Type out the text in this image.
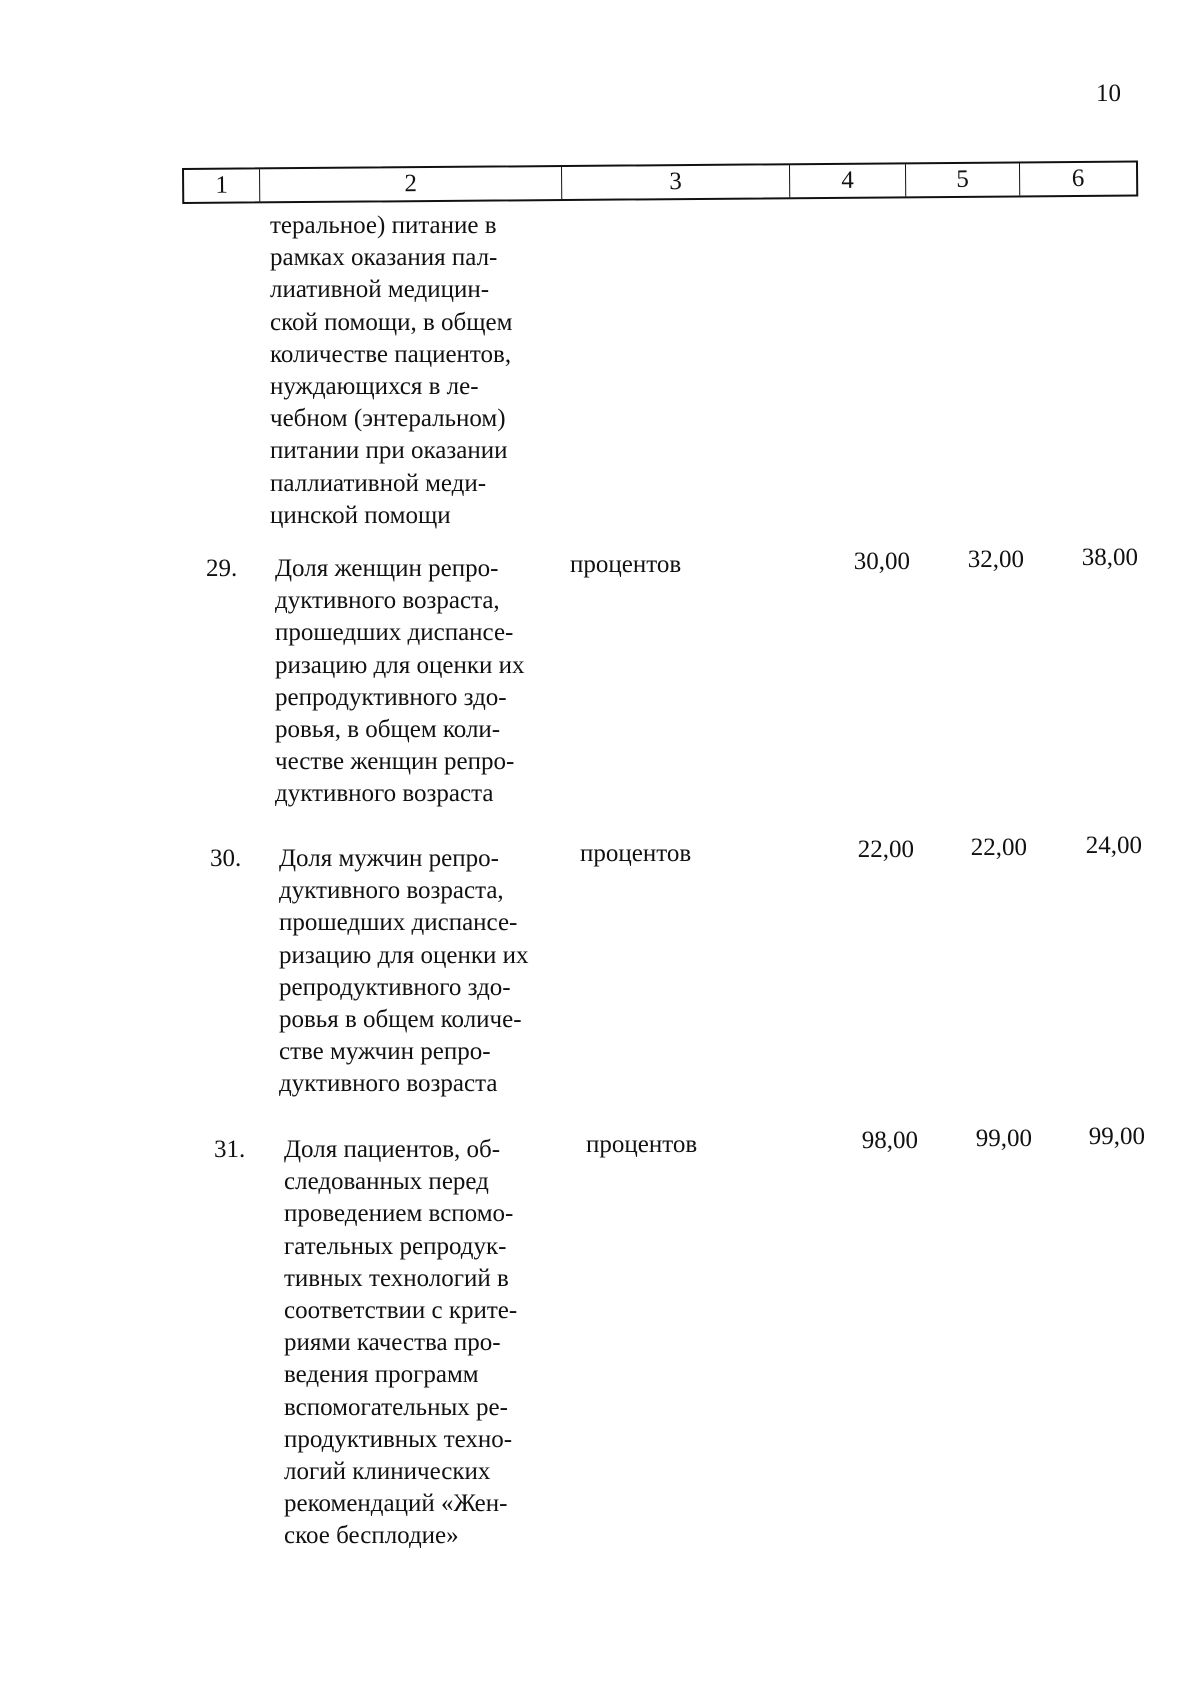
10
1	2	3	4	5	6
теральное) питание в
рамках оказания пал-
лиативной медицин-
ской помощи, в общем
количестве пациентов,
нуждающихся в ле-
чебном (энтеральном)
питании при оказании
паллиативной меди-
цинской помощи
29. Доля женщин репро-
дуктивного возраста,
прошедших диспансе-
ризацию для оценки их
репродуктивного здо-
ровья, в общем коли-
честве женщин репро-
дуктивного возраста
процентов	30,00	32,00	38,00
30. Доля мужчин репро-
дуктивного возраста,
прошедших диспансе-
ризацию для оценки их
репродуктивного здо-
ровья в общем количе-
стве мужчин репро-
дуктивного возраста
процентов	22,00	22,00	24,00
31. Доля пациентов, об-
следованных перед
проведением вспомо-
гательных репродук-
тивных технологий в
соответствии с крите-
риями качества про-
ведения программ
вспомогательных ре-
продуктивных техно-
логий клинических
рекомендаций «Жен-
ское бесплодие»
процентов	98,00	99,00	99,00
